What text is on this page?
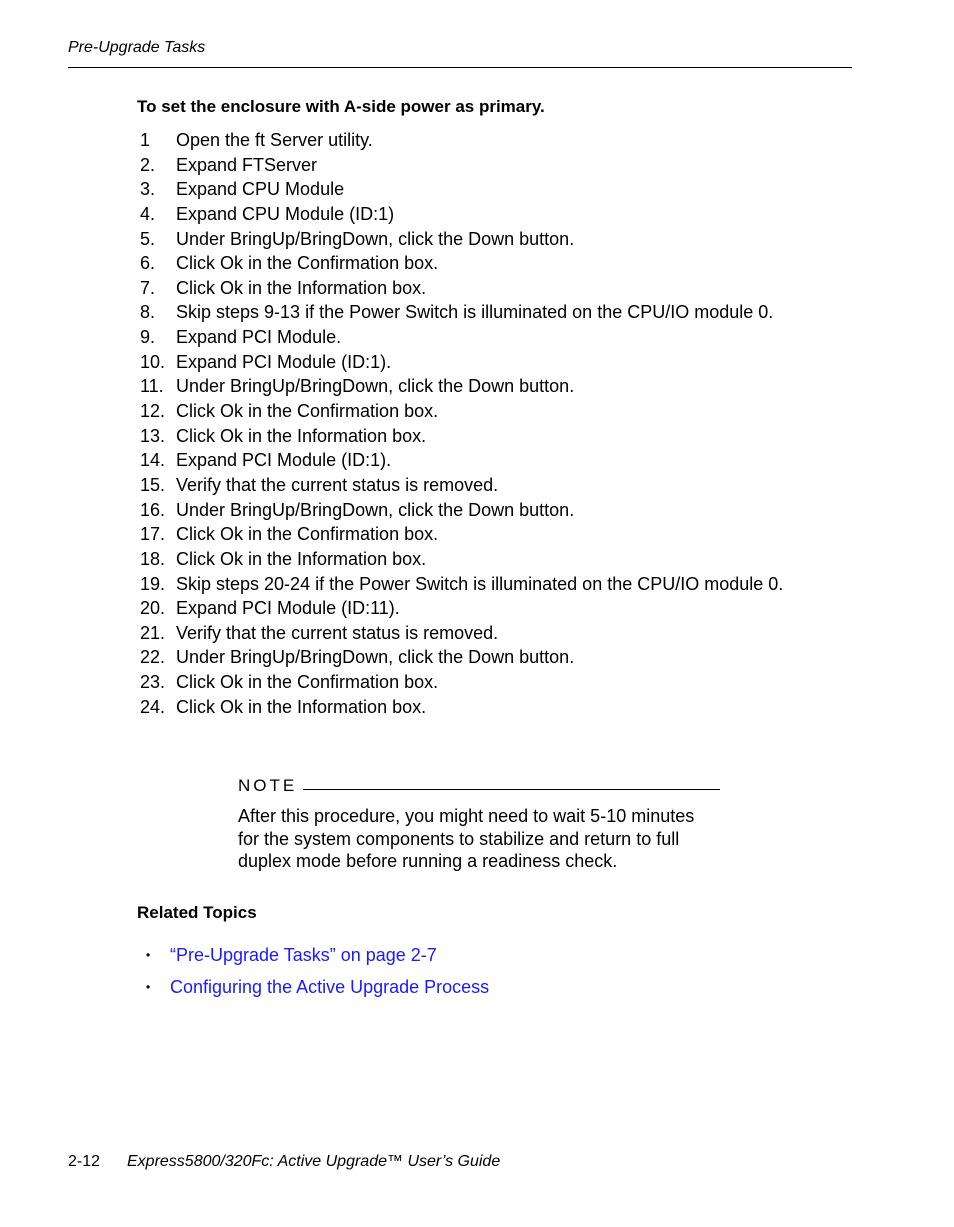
Pre-Upgrade Tasks
To set the enclosure with A-side power as primary.
1 Open the ft Server utility.
2. Expand FTServer
3. Expand CPU Module
4. Expand CPU Module (ID:1)
5. Under BringUp/BringDown, click the Down button.
6. Click Ok in the Confirmation box.
7. Click Ok in the Information box.
8. Skip steps 9-13 if the Power Switch is illuminated on the CPU/IO module 0.
9. Expand PCI Module.
10. Expand PCI Module (ID:1).
11. Under BringUp/BringDown, click the Down button.
12. Click Ok in the Confirmation box.
13. Click Ok in the Information box.
14. Expand PCI Module (ID:1).
15. Verify that the current status is removed.
16. Under BringUp/BringDown, click the Down button.
17. Click Ok in the Confirmation box.
18. Click Ok in the Information box.
19. Skip steps 20-24 if the Power Switch is illuminated on the CPU/IO module 0.
20. Expand PCI Module (ID:11).
21. Verify that the current status is removed.
22. Under BringUp/BringDown, click the Down button.
23. Click Ok in the Confirmation box.
24. Click Ok in the Information box.
NOTE
After this procedure, you might need to wait 5-10 minutes for the system components to stabilize and return to full duplex mode before running a readiness check.
Related Topics
• “Pre-Upgrade Tasks” on page 2-7
• Configuring the Active Upgrade Process
2-12 Express5800/320Fc: Active Upgrade™ User’s Guide
